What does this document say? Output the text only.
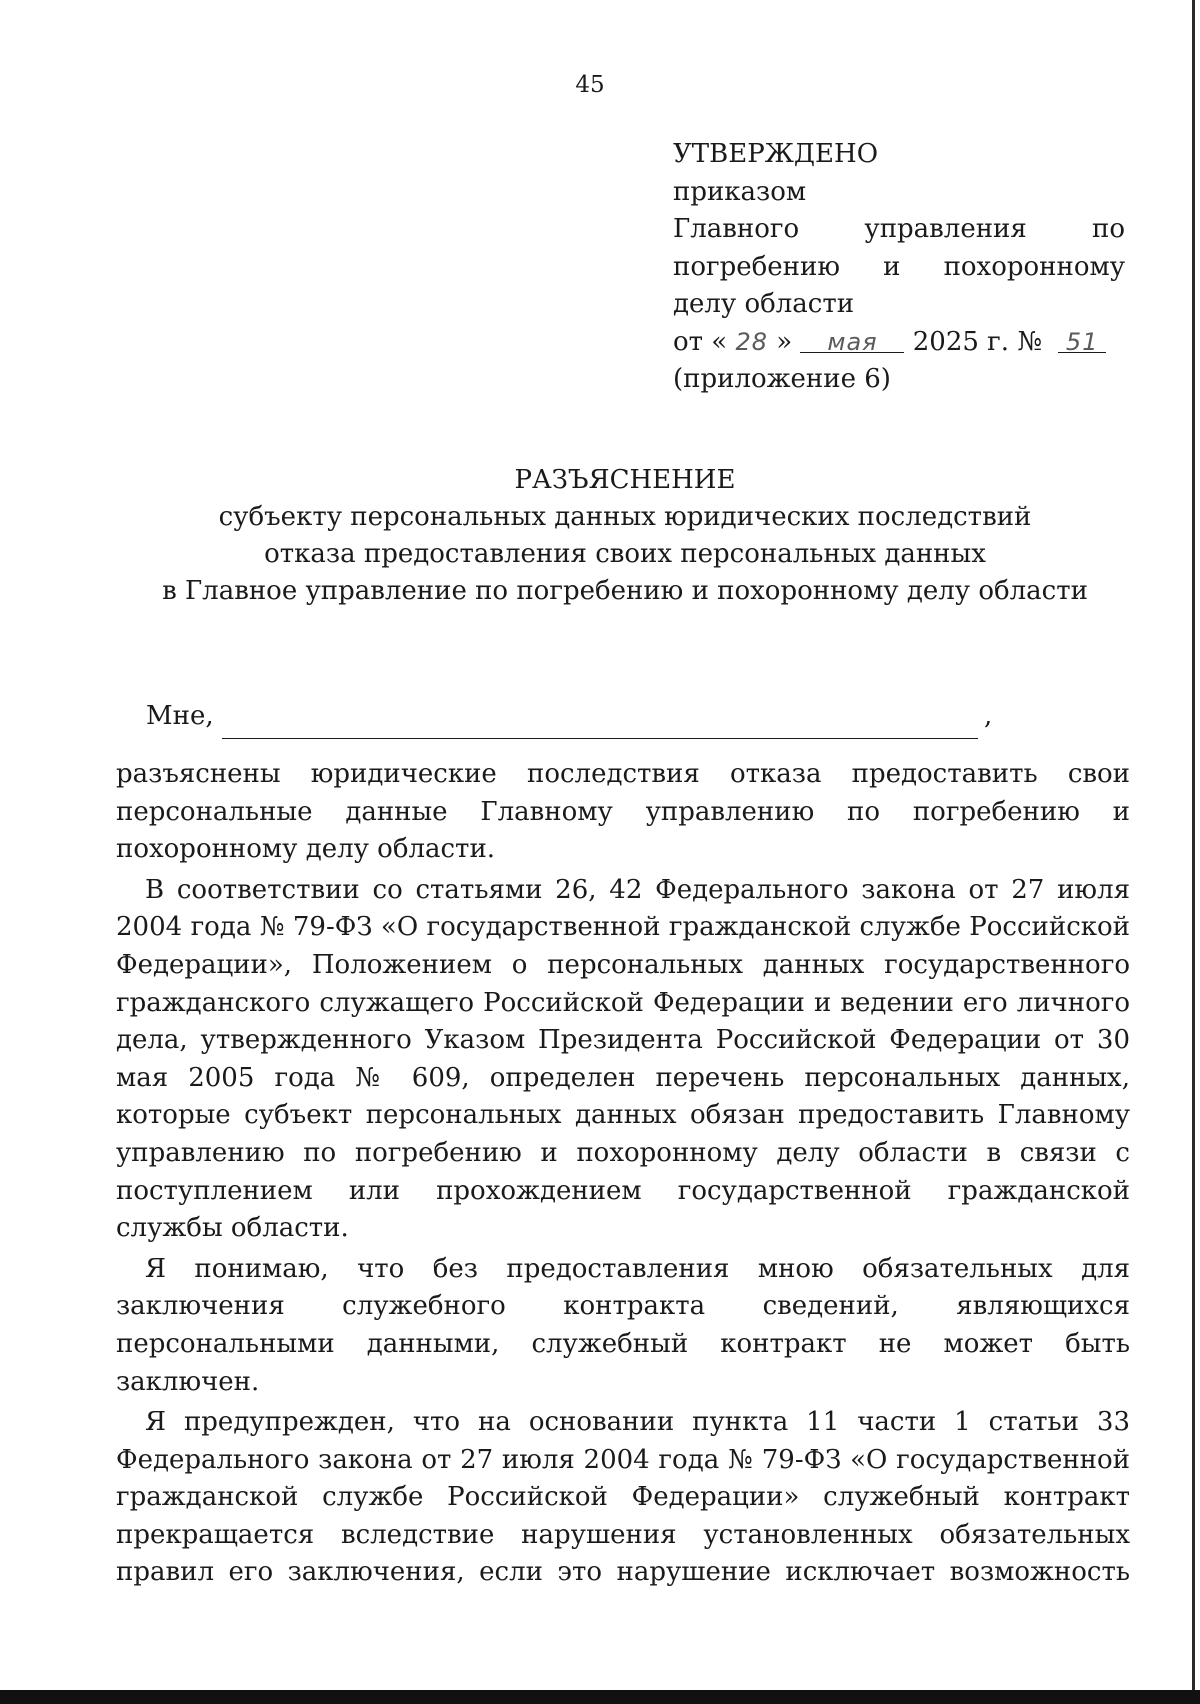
45
УТВЕРЖДЕНО
приказом
Главного	управления	по
погребению и похоронному
делу области
от « 28 » мая 2025 г. № 51
(приложение 6)
РАЗЪЯСНЕНИЕ
субъекту персональных данных юридических последствий
отказа предоставления своих персональных данных
в Главное управление по погребению и похоронному делу области
Мне,	,

разъяснены юридические последствия отказа предоставить свои персональные данные Главному управлению по погребению и похоронному делу области.

В соответствии со статьями 26, 42 Федерального закона от 27 июля 2004 года № 79-ФЗ «О государственной гражданской службе Российской Федерации», Положением о персональных данных государственного гражданского служащего Российской Федерации и ведении его личного дела, утвержденного Указом Президента Российской Федерации от 30 мая 2005 года № 609, определен перечень персональных данных, которые субъект персональных данных обязан предоставить Главному управлению по погребению и похоронному делу области в связи с поступлением или прохождением государственной гражданской службы области.

Я понимаю, что без предоставления мною обязательных для заключения служебного контракта сведений, являющихся персональными данными, служебный контракт не может быть заключен.

Я предупрежден, что на основании пункта 11 части 1 статьи 33 Федерального закона от 27 июля 2004 года № 79-ФЗ «О государственной гражданской службе Российской Федерации» служебный контракт прекращается вследствие нарушения установленных обязательных правил его заключения, если это нарушение исключает возможность
